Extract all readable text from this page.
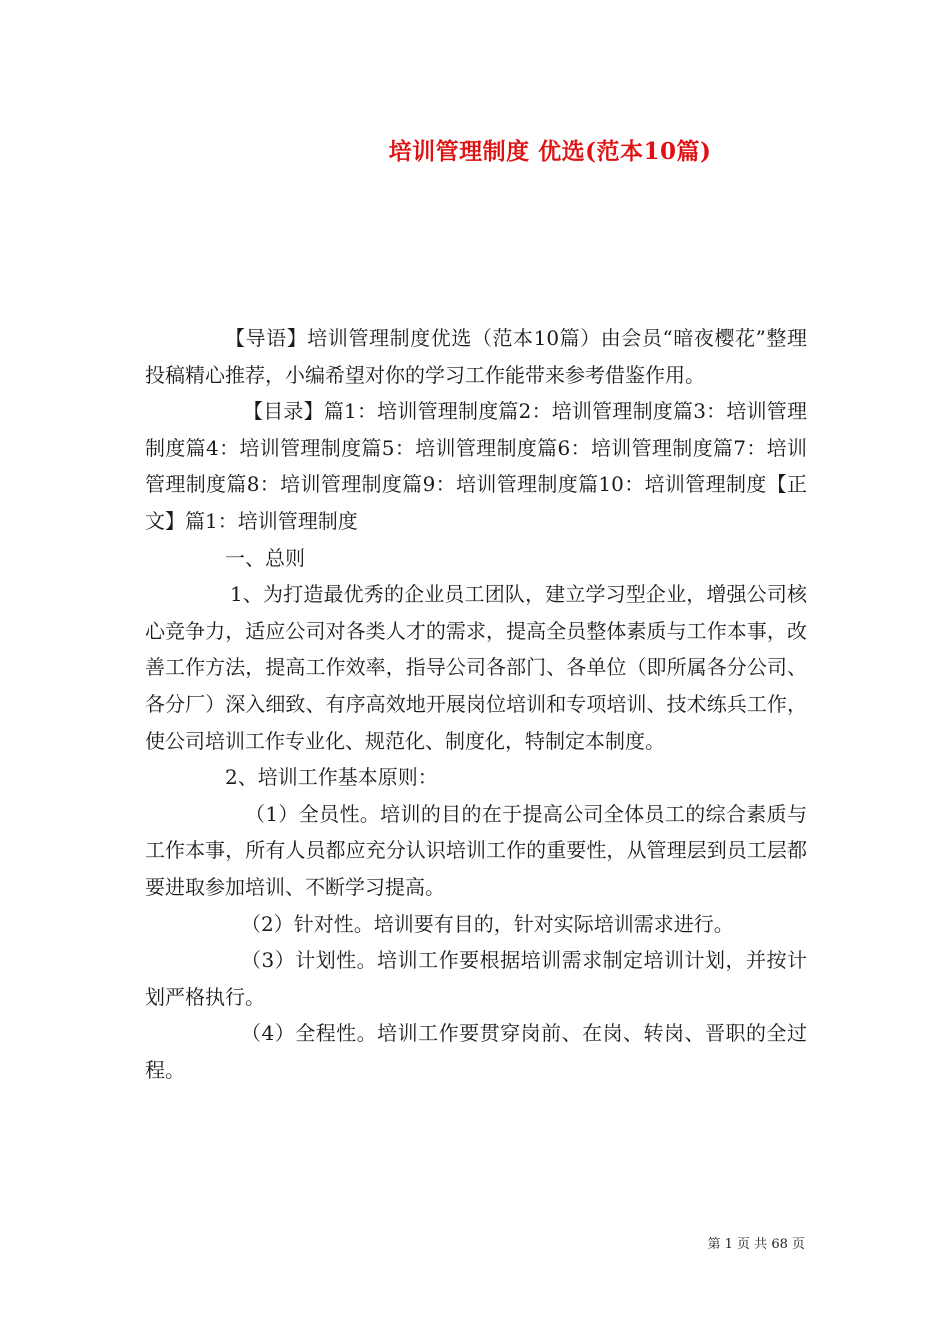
培训管理制度 优选(范本10篇)

【导语】培训管理制度优选（范本10篇）由会员“暗夜樱花”整理投稿精心推荐，小编希望对你的学习工作能带来参考借鉴作用。

【目录】篇1：培训管理制度篇2：培训管理制度篇3：培训管理制度篇4：培训管理制度篇5：培训管理制度篇6：培训管理制度篇7：培训管理制度篇8：培训管理制度篇9：培训管理制度篇10：培训管理制度【正文】篇1：培训管理制度

一、总则

1、为打造最优秀的企业员工团队，建立学习型企业，增强公司核心竞争力，适应公司对各类人才的需求，提高全员整体素质与工作本事，改善工作方法，提高工作效率，指导公司各部门、各单位（即所属各分公司、各分厂）深入细致、有序高效地开展岗位培训和专项培训、技术练兵工作，使公司培训工作专业化、规范化、制度化，特制定本制度。

2、培训工作基本原则：

（1）全员性。培训的目的在于提高公司全体员工的综合素质与工作本事，所有人员都应充分认识培训工作的重要性，从管理层到员工层都要进取参加培训、不断学习提高。

（2）针对性。培训要有目的，针对实际培训需求进行。

（3）计划性。培训工作要根据培训需求制定培训计划，并按计划严格执行。

（4）全程性。培训工作要贯穿岗前、在岗、转岗、晋职的全过程。

第 1 页 共 68 页
